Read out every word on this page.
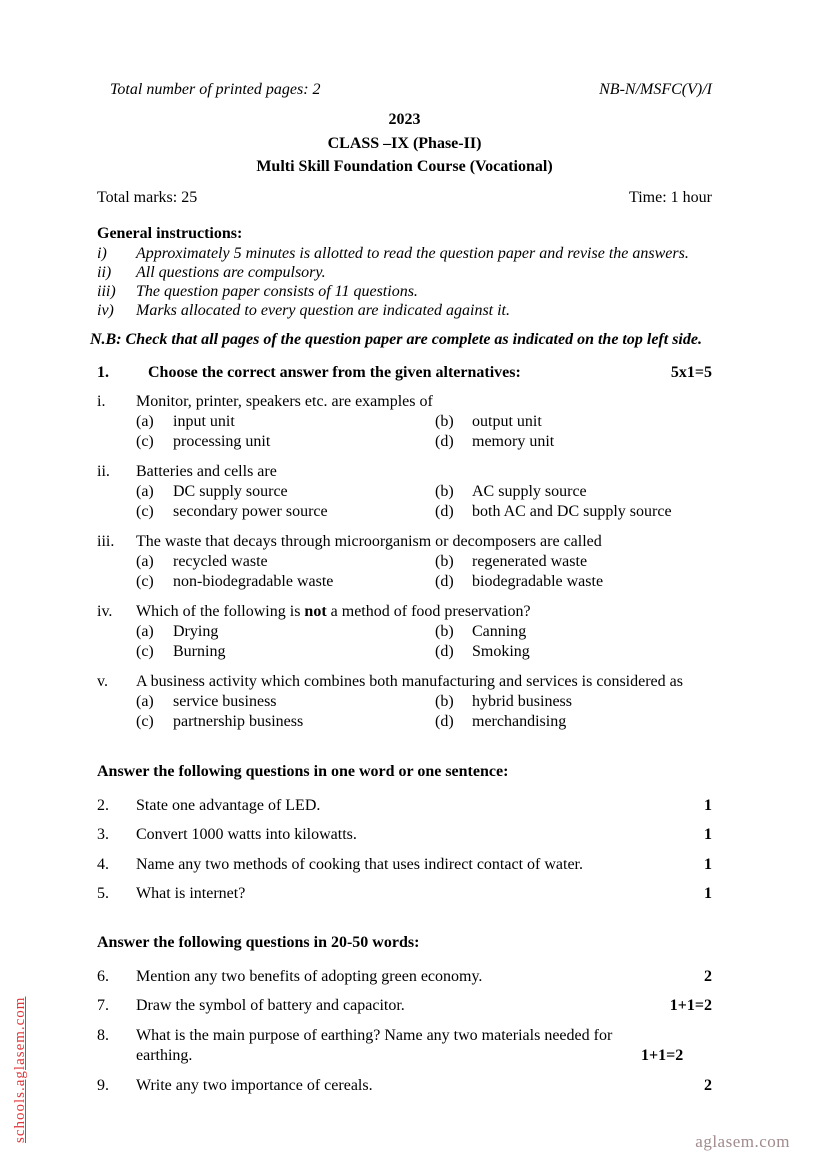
schools.aglasem.com	aglasem.com
Total number of printed pages: 2	NB-N/MSFC(V)/I
2023
CLASS –IX (Phase-II)
Multi Skill Foundation Course (Vocational)
Total marks: 25	Time: 1 hour
General instructions:
i)	Approximately 5 minutes is allotted to read the question paper and revise the answers.
ii)	All questions are compulsory.
iii)	The question paper consists of 11 questions.
iv)	Marks allocated to every question are indicated against it.
N.B: Check that all pages of the question paper are complete as indicated on the top left side.
1.	Choose the correct answer from the given alternatives:	5x1=5
i.	Monitor, printer, speakers etc. are examples of
(a)	input unit	(b)	output unit
(c)	processing unit	(d)	memory unit
ii.	Batteries and cells are
(a)	DC supply source	(b)	AC supply source
(c)	secondary power source	(d)	both AC and DC supply source
iii.	The waste that decays through microorganism or decomposers are called
(a)	recycled waste	(b)	regenerated waste
(c)	non-biodegradable waste	(d)	biodegradable waste
iv.	Which of the following is not a method of food preservation?
(a)	Drying	(b)	Canning
(c)	Burning	(d)	Smoking
v.	A business activity which combines both manufacturing and services is considered as
(a)	service business	(b)	hybrid business
(c)	partnership business	(d)	merchandising
Answer the following questions in one word or one sentence:
2.	State one advantage of LED.	1
3.	Convert 1000 watts into kilowatts.	1
4.	Name any two methods of cooking that uses indirect contact of water.	1
5.	What is internet?	1
Answer the following questions in 20-50 words:
6.	Mention any two benefits of adopting green economy.	2
7.	Draw the symbol of battery and capacitor.	1+1=2
8.	What is the main purpose of earthing? Name any two materials needed for earthing.	1+1=2
9.	Write any two importance of cereals.	2
